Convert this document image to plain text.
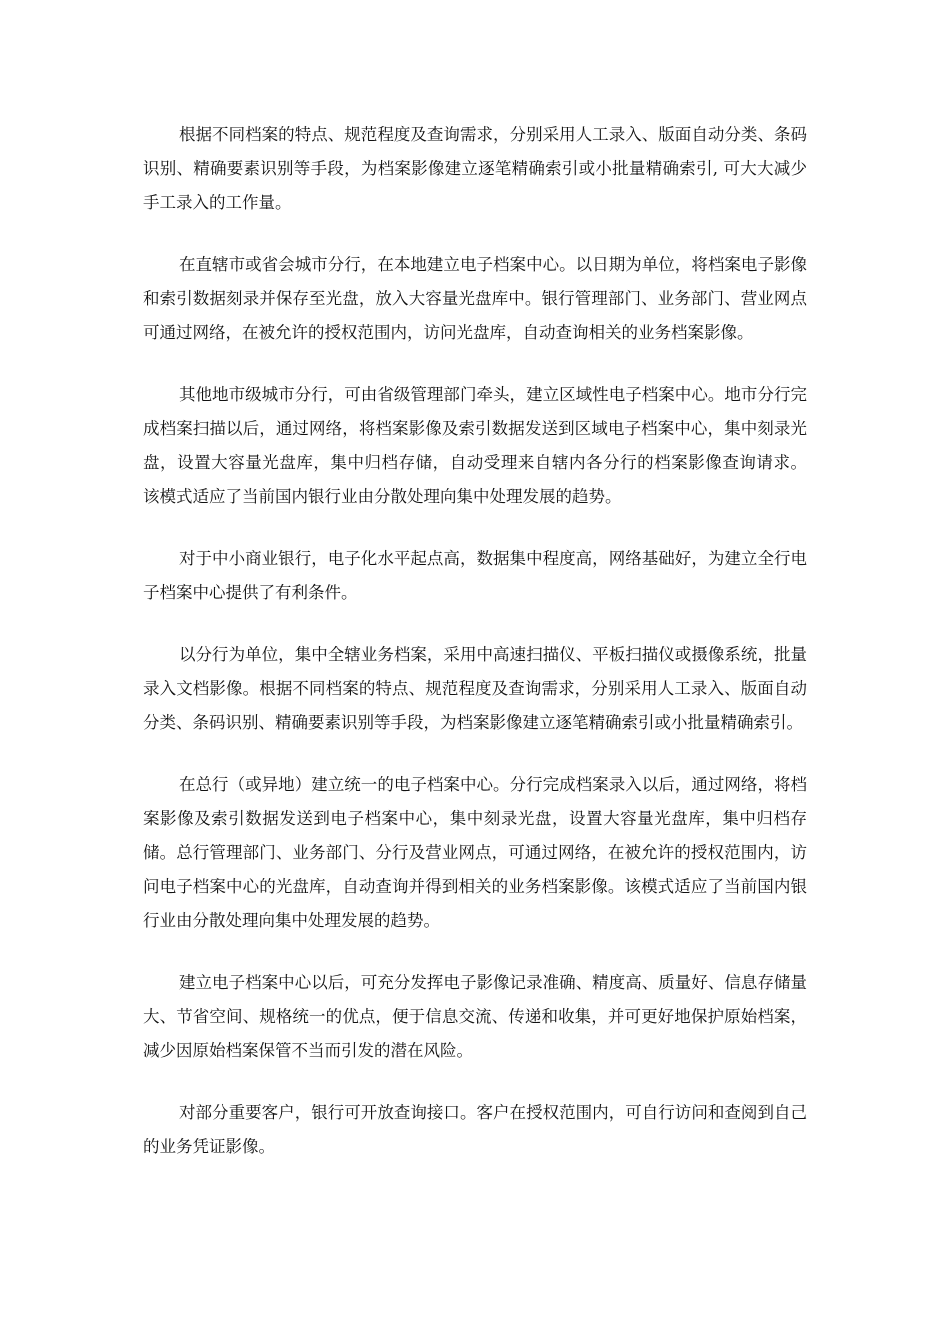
根据不同档案的特点、规范程度及查询需求，分别采用人工录入、版面自动分类、条码识别、精确要素识别等手段，为档案影像建立逐笔精确索引或小批量精确索引, 可大大减少手工录入的工作量。

在直辖市或省会城市分行，在本地建立电子档案中心。以日期为单位，将档案电子影像和索引数据刻录并保存至光盘，放入大容量光盘库中。银行管理部门、业务部门、营业网点可通过网络，在被允许的授权范围内，访问光盘库，自动查询相关的业务档案影像。

其他地市级城市分行，可由省级管理部门牵头，建立区域性电子档案中心。地市分行完成档案扫描以后，通过网络，将档案影像及索引数据发送到区域电子档案中心，集中刻录光盘，设置大容量光盘库，集中归档存储，自动受理来自辖内各分行的档案影像查询请求。 该模式适应了当前国内银行业由分散处理向集中处理发展的趋势。

对于中小商业银行，电子化水平起点高，数据集中程度高，网络基础好，为建立全行电子档案中心提供了有利条件。

以分行为单位，集中全辖业务档案，采用中高速扫描仪、平板扫描仪或摄像系统，批量录入文档影像。根据不同档案的特点、规范程度及查询需求，分别采用人工录入、版面自动分类、条码识别、精确要素识别等手段，为档案影像建立逐笔精确索引或小批量精确索引。

在总行（或异地）建立统一的电子档案中心。分行完成档案录入以后，通过网络，将档案影像及索引数据发送到电子档案中心，集中刻录光盘，设置大容量光盘库，集中归档存储。总行管理部门、业务部门、分行及营业网点，可通过网络，在被允许的授权范围内，访问电子档案中心的光盘库，自动查询并得到相关的业务档案影像。该模式适应了当前国内银行业由分散处理向集中处理发展的趋势。

建立电子档案中心以后，可充分发挥电子影像记录准确、精度高、质量好、信息存储量大、节省空间、规格统一的优点，便于信息交流、传递和收集，并可更好地保护原始档案，减少因原始档案保管不当而引发的潜在风险。

对部分重要客户，银行可开放查询接口。客户在授权范围内，可自行访问和查阅到自己的业务凭证影像。
